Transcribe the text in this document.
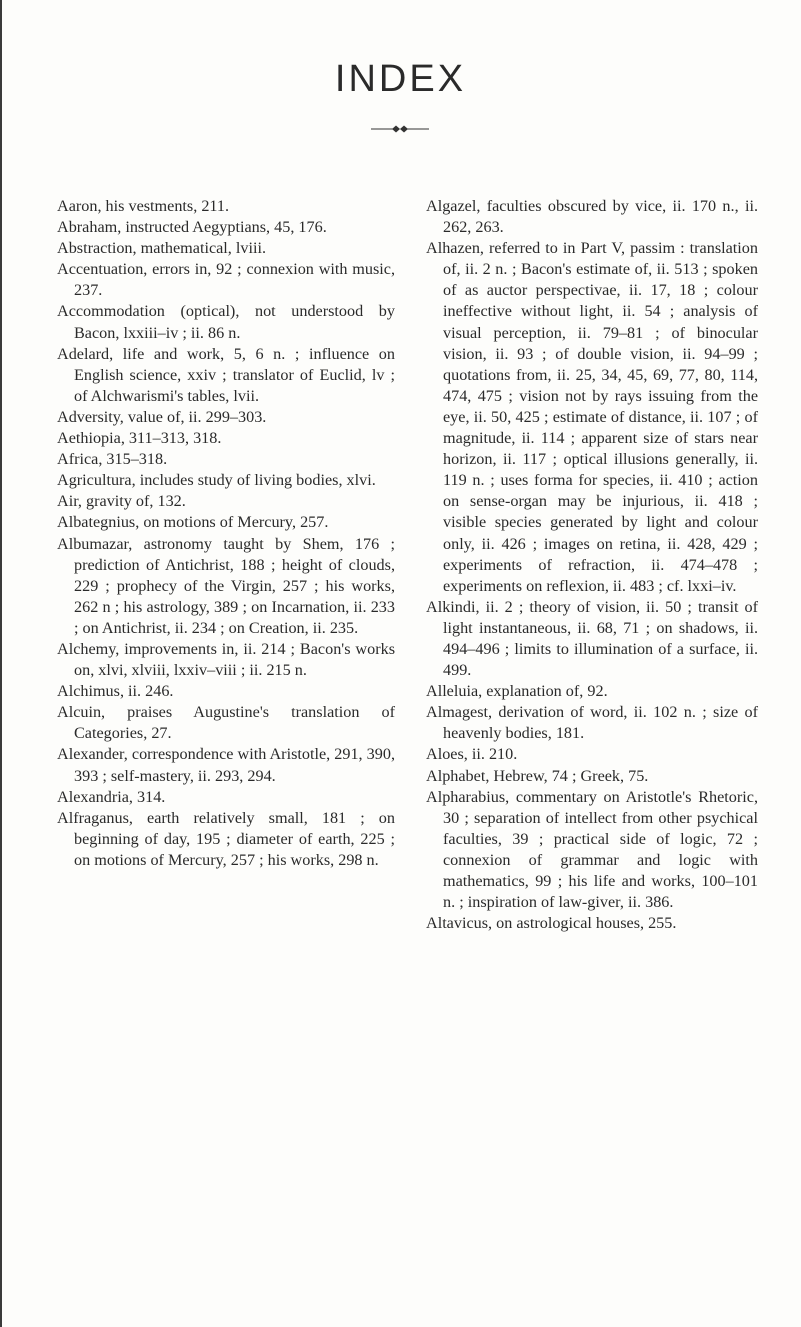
INDEX

Aaron, his vestments, 211.

Abraham, instructed Aegyptians, 45, 176.

Abstraction, mathematical, lviii.

Accentuation, errors in, 92 ; connexion with music, 237.

Accommodation (optical), not understood by Bacon, lxxiii–iv ; ii. 86 n.

Adelard, life and work, 5, 6 n. ; influence on English science, xxiv ; translator of Euclid, lv ; of Alchwarismi's tables, lvii.

Adversity, value of, ii. 299–303.

Aethiopia, 311–313, 318.

Africa, 315–318.

Agricultura, includes study of living bodies, xlvi.

Air, gravity of, 132.

Albategnius, on motions of Mercury, 257.

Albumazar, astronomy taught by Shem, 176 ; prediction of Antichrist, 188 ; height of clouds, 229 ; prophecy of the Virgin, 257 ; his works, 262 n ; his astrology, 389 ; on Incarnation, ii. 233 ; on Antichrist, ii. 234 ; on Creation, ii. 235.

Alchemy, improvements in, ii. 214 ; Bacon's works on, xlvi, xlviii, lxxiv–viii ; ii. 215 n.

Alchimus, ii. 246.

Alcuin, praises Augustine's translation of Categories, 27.

Alexander, correspondence with Aristotle, 291, 390, 393 ; self-mastery, ii. 293, 294.

Alexandria, 314.

Alfraganus, earth relatively small, 181 ; on beginning of day, 195 ; diameter of earth, 225 ; on motions of Mercury, 257 ; his works, 298 n.

Algazel, faculties obscured by vice, ii. 170 n., ii. 262, 263.

Alhazen, referred to in Part V, passim : translation of, ii. 2 n. ; Bacon's estimate of, ii. 513 ; spoken of as auctor perspectivae, ii. 17, 18 ; colour ineffective without light, ii. 54 ; analysis of visual perception, ii. 79–81 ; of binocular vision, ii. 93 ; of double vision, ii. 94–99 ; quotations from, ii. 25, 34, 45, 69, 77, 80, 114, 474, 475 ; vision not by rays issuing from the eye, ii. 50, 425 ; estimate of distance, ii. 107 ; of magnitude, ii. 114 ; apparent size of stars near horizon, ii. 117 ; optical illusions generally, ii. 119 n. ; uses forma for species, ii. 410 ; action on sense-organ may be injurious, ii. 418 ; visible species generated by light and colour only, ii. 426 ; images on retina, ii. 428, 429 ; experiments of refraction, ii. 474–478 ; experiments on reflexion, ii. 483 ; cf. lxxi–iv.

Alkindi, ii. 2 ; theory of vision, ii. 50 ; transit of light instantaneous, ii. 68, 71 ; on shadows, ii. 494–496 ; limits to illumination of a surface, ii. 499.

Alleluia, explanation of, 92.

Almagest, derivation of word, ii. 102 n. ; size of heavenly bodies, 181.

Aloes, ii. 210.

Alphabet, Hebrew, 74 ; Greek, 75.

Alpharabius, commentary on Aristotle's Rhetoric, 30 ; separation of intellect from other psychical faculties, 39 ; practical side of logic, 72 ; connexion of grammar and logic with mathematics, 99 ; his life and works, 100–101 n. ; inspiration of law-giver, ii. 386.

Altavicus, on astrological houses, 255.
